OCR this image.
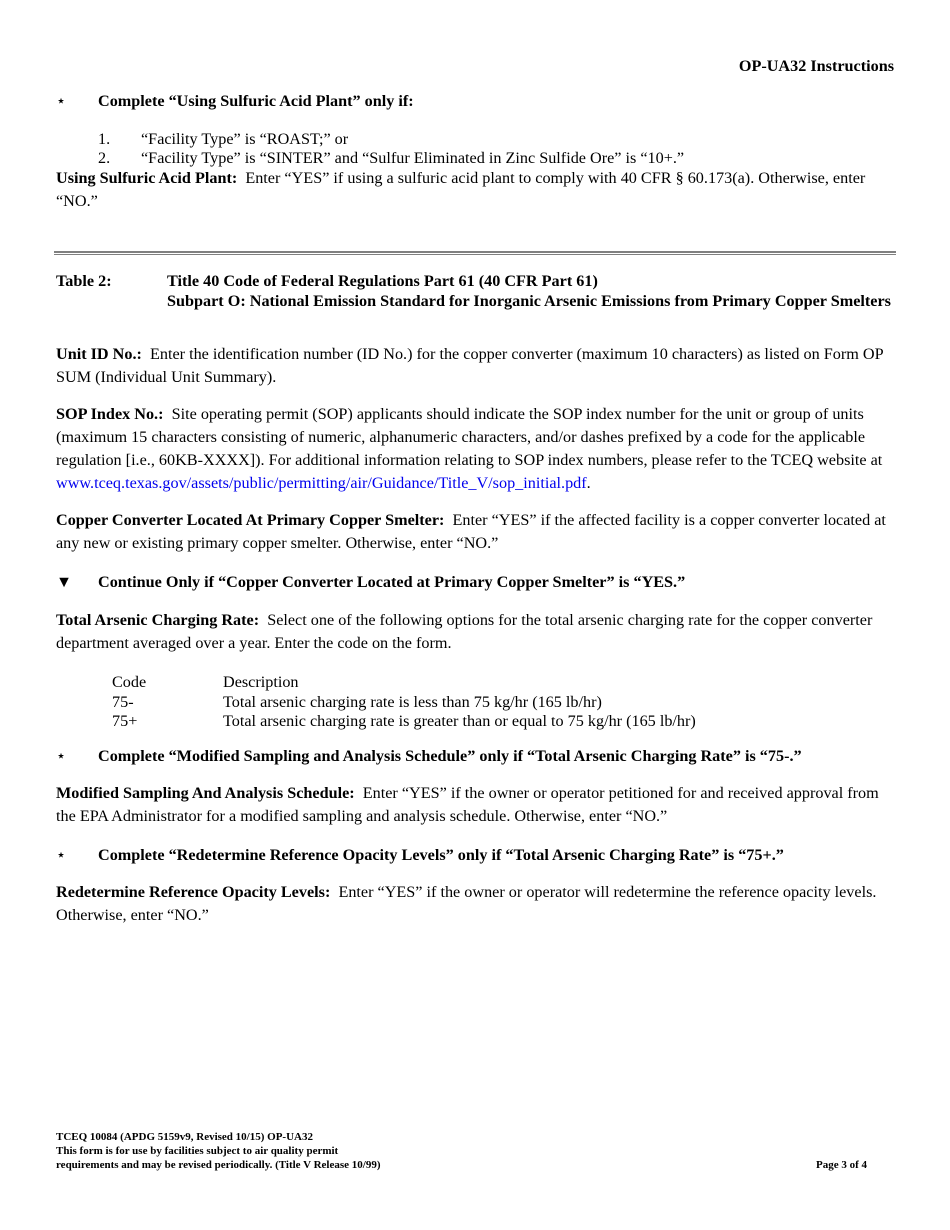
OP-UA32 Instructions
⋆ Complete “Using Sulfuric Acid Plant” only if:
1. “Facility Type” is “ROAST;” or
2. “Facility Type” is “SINTER” and “Sulfur Eliminated in Zinc Sulfide Ore” is “10+.”
Using Sulfuric Acid Plant: Enter “YES” if using a sulfuric acid plant to comply with 40 CFR § 60.173(a). Otherwise, enter “NO.”
Table 2:	Title 40 Code of Federal Regulations Part 61 (40 CFR Part 61)
Subpart O: National Emission Standard for Inorganic Arsenic Emissions from Primary Copper Smelters
Unit ID No.: Enter the identification number (ID No.) for the copper converter (maximum 10 characters) as listed on Form OP SUM (Individual Unit Summary).
SOP Index No.: Site operating permit (SOP) applicants should indicate the SOP index number for the unit or group of units (maximum 15 characters consisting of numeric, alphanumeric characters, and/or dashes prefixed by a code for the applicable regulation [i.e., 60KB-XXXX]). For additional information relating to SOP index numbers, please refer to the TCEQ website at www.tceq.texas.gov/assets/public/permitting/air/Guidance/Title_V/sop_initial.pdf.
Copper Converter Located At Primary Copper Smelter: Enter “YES” if the affected facility is a copper converter located at any new or existing primary copper smelter. Otherwise, enter “NO.”
▼ Continue Only if “Copper Converter Located at Primary Copper Smelter” is “YES.”
Total Arsenic Charging Rate: Select one of the following options for the total arsenic charging rate for the copper converter department averaged over a year. Enter the code on the form.
Code	Description
75-	Total arsenic charging rate is less than 75 kg/hr (165 lb/hr)
75+	Total arsenic charging rate is greater than or equal to 75 kg/hr (165 lb/hr)
⋆ Complete “Modified Sampling and Analysis Schedule” only if “Total Arsenic Charging Rate” is “75-.”
Modified Sampling And Analysis Schedule: Enter “YES” if the owner or operator petitioned for and received approval from the EPA Administrator for a modified sampling and analysis schedule. Otherwise, enter “NO.”
⋆ Complete “Redetermine Reference Opacity Levels” only if “Total Arsenic Charging Rate” is “75+.”
Redetermine Reference Opacity Levels: Enter “YES” if the owner or operator will redetermine the reference opacity levels. Otherwise, enter “NO.”
TCEQ 10084 (APDG 5159v9, Revised 10/15) OP-UA32
This form is for use by facilities subject to air quality permit
requirements and may be revised periodically. (Title V Release 10/99)	Page 3 of 4
